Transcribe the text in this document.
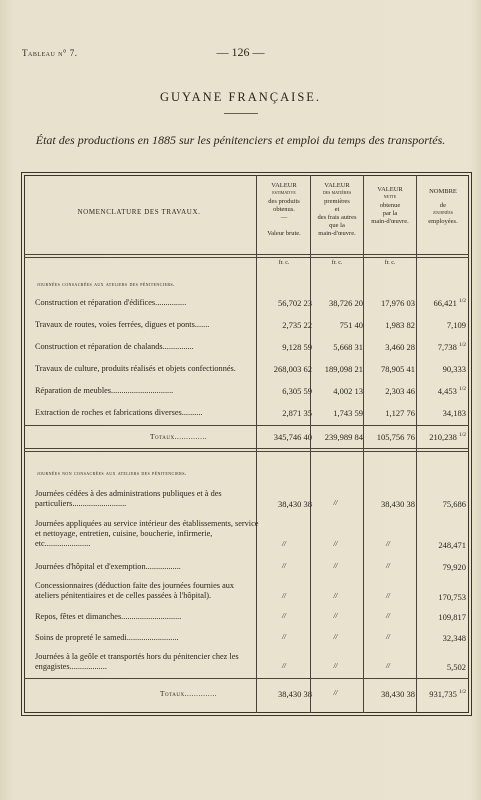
Tableau n° 7.	— 126 —
GUYANE FRANÇAISE.
État des productions en 1885 sur les pénitenciers et emploi du temps des transportés.
NOMENCLATURE DES TRAVAUX.
VALEUR
estimative
des produits
obtenus.
—
Valeur brute.
VALEUR
des matières
premières
et
des frais autres
que la
main-d'œuvre.
VALEUR
nette
obtenue
par la
main-d'œuvre.
NOMBRE
de
journées
employées.
fr. c.	fr. c.	fr. c.
journées consacrées aux ateliers des pénitenciers.
Construction et réparation d'édifices...............	56,702 23	38,726 20	17,976 03	66,421 $^{1/2}$
Travaux de routes, voies ferrées, digues et ponts.......	2,735 22	751 40	1,983 82	7,109
Construction et réparation de chalands...............	9,128 59	5,668 31	3,460 28	7,738 $^{1/2}$
Travaux de culture, produits réalisés et objets confectionnés.	268,003 62	189,098 21	78,905 41	90,333
Réparation de meubles..............................	6,305 59	4,002 13	2,303 46	4,453 $^{1/2}$
Extraction de roches et fabrications diverses..........	2,871 35	1,743 59	1,127 76	34,183
Totaux..............	345,746 40	239,989 84	105,756 76	210,238 $^{1/2}$
journées non consacrées aux ateliers des pénitenciers.
Journées cédées à des administrations publiques et à des particuliers..........................	38,430 38	//	38,430 38	75,686
Journées appliquées au service intérieur des établissements, service et nettoyage, entretien, cuisine, boucherie, infirmerie, etc......................	//	//	//	248,471
Journées d'hôpital et d'exemption.................	//	//	//	79,920
Concessionnaires (déduction faite des journées fournies aux ateliers pénitentiaires et de celles passées à l'hôpital).	//	//	//	170,753
Repos, fêtes et dimanches.............................	//	//	//	109,817
Soins de propreté le samedi.........................	//	//	//	32,348
Journées à la geôle et transportés hors du pénitencier chez les engagistes..................	//	//	//	5,502
Totaux..............	38,430 38	//	38,430 38	931,735 $^{1/2}$
